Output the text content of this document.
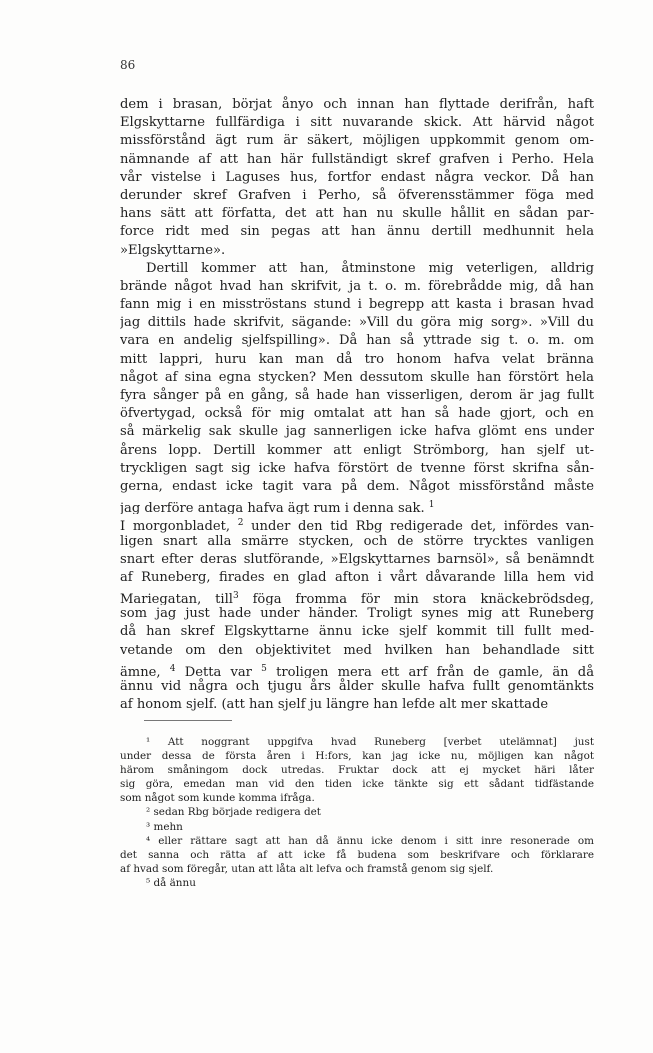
86
dem i brasan, börjat ånyo och innan han flyttade derifrån, haft
Elgskyttarne fullfärdiga i sitt nuvarande skick. Att härvid något
missförstånd ägt rum är säkert, möjligen uppkommit genom om-
nämnande af att han här fullständigt skref grafven i Perho. Hela
vår vistelse i Laguses hus, fortfor endast några veckor. Då han
derunder skref Grafven i Perho, så öfverensstämmer föga med
hans sätt att författa, det att han nu skulle hållit en sådan par-
force ridt med sin pegas att han ännu dertill medhunnit hela
»Elgskyttarne».
Dertill kommer att han, åtminstone mig veterligen, alldrig
brände något hvad han skrifvit, ja t. o. m. förebrådde mig, då han
fann mig i en misströstans stund i begrepp att kasta i brasan hvad
jag dittils hade skrifvit, sägande: »Vill du göra mig sorg». »Vill du
vara en andelig sjelfspilling». Då han så yttrade sig t. o. m. om
mitt lappri, huru kan man då tro honom hafva velat bränna
något af sina egna stycken? Men dessutom skulle han förstört hela
fyra sånger på en gång, så hade han visserligen, derom är jag fullt
öfvertygad, också för mig omtalat att han så hade gjort, och en
så märkelig sak skulle jag sannerligen icke hafva glömt ens under
årens lopp. Dertill kommer att enligt Strömborg, han sjelf ut-
tryckligen sagt sig icke hafva förstört de tvenne först skrifna sån-
gerna, endast icke tagit vara på dem. Något missförstånd måste
jag derföre antaga hafva ägt rum i denna sak. $^1$
I morgonbladet, $^2$ under den tid Rbg redigerade det, infördes van-
ligen snart alla smärre stycken, och de större trycktes vanligen
snart efter deras slutförande, »Elgskyttarnes barnsöl», så benämndt
af Runeberg, firades en glad afton i vårt dåvarande lilla hem vid
Mariegatan, till$^3$ föga fromma för min stora knäckebrödsdeg,
som jag just hade under händer. Troligt synes mig att Runeberg
då han skref Elgskyttarne ännu icke sjelf kommit till fullt med-
vetande om den objektivitet med hvilken han behandlade sitt
ämne, $^4$ Detta var $^5$ troligen mera ett arf från de gamle, än då
ännu vid några och tjugu års ålder skulle hafva fullt genomtänkts
af honom sjelf. (att han sjelf ju längre han lefde alt mer skattade
¹ Att noggrant uppgifva hvad Runeberg [verbet utelämnat] just
under dessa de första åren i H:fors, kan jag icke nu, möjligen kan något
härom småningom dock utredas. Fruktar dock att ej mycket häri låter
sig göra, emedan man vid den tiden icke tänkte sig ett sådant tidfästande
som något som kunde komma ifråga.
² sedan Rbg började redigera det
³ mehn
⁴ eller rättare sagt att han då ännu icke denom i sitt inre resonerade om
det sanna och rätta af att icke få budena som beskrifvare och förklarare
af hvad som föregår, utan att låta alt lefva och framstå genom sig sjelf.
⁵ då ännu
